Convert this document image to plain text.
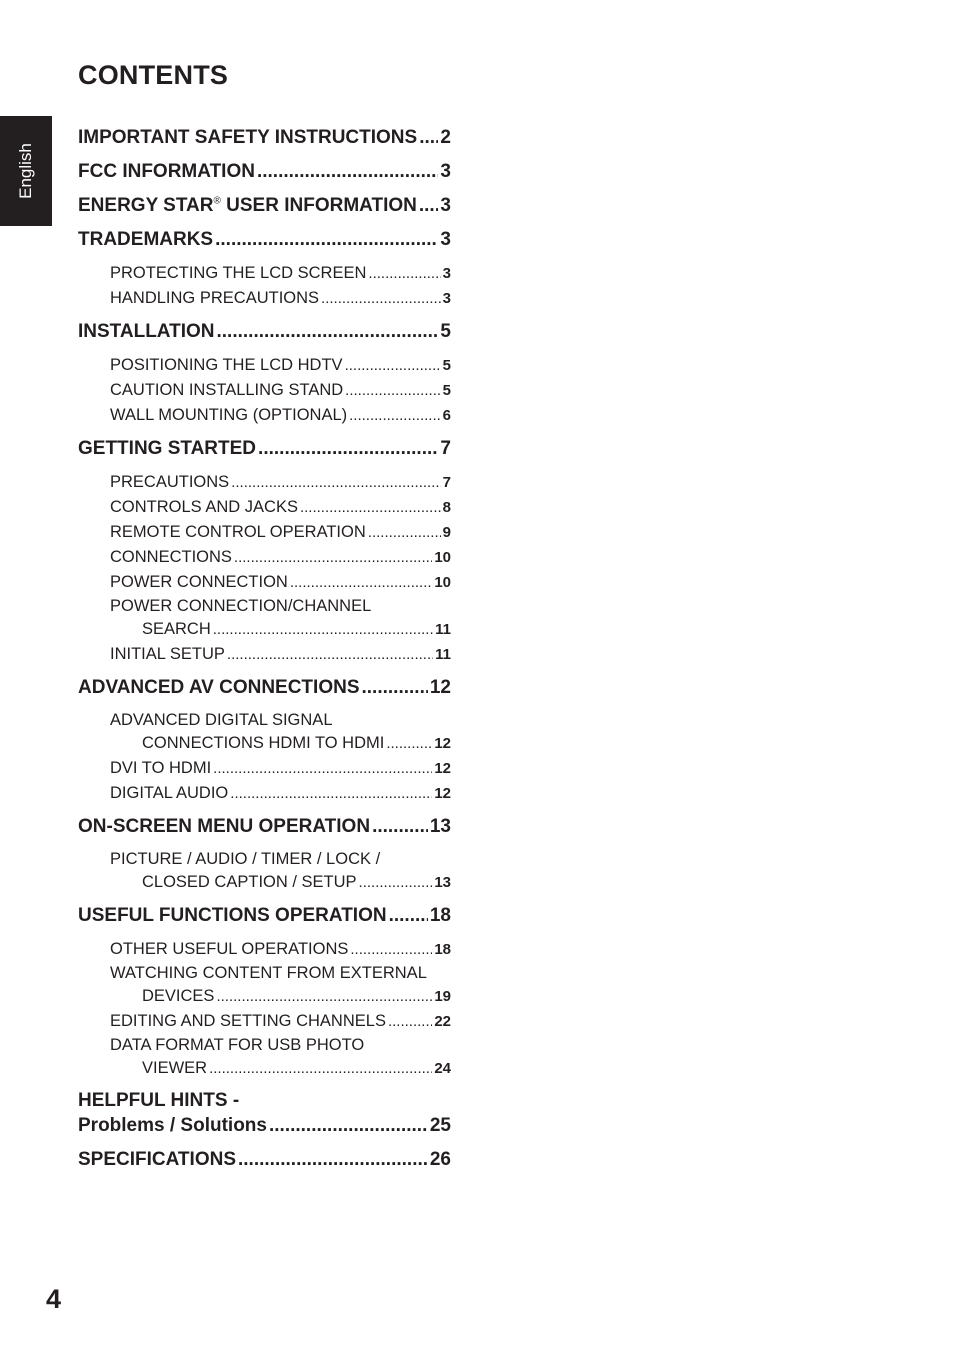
English
CONTENTS
IMPORTANT SAFETY INSTRUCTIONS ..... 2
FCC INFORMATION .....	3
ENERGY STAR® USER INFORMATION ..... 3
TRADEMARKS .....	3
PROTECTING THE LCD SCREEN .....	3
HANDLING PRECAUTIONS .....	3
INSTALLATION .....	5
POSITIONING THE LCD HDTV .....	5
CAUTION INSTALLING STAND .....	5
WALL MOUNTING (OPTIONAL) .....	6
GETTING STARTED .....	7
PRECAUTIONS .....	7
CONTROLS AND JACKS .....	8
REMOTE CONTROL OPERATION .....	9
CONNECTIONS .....	10
POWER CONNECTION .....	10
POWER CONNECTION/CHANNEL
SEARCH .....	11
INITIAL SETUP .....	11
ADVANCED AV CONNECTIONS .....	12
ADVANCED DIGITAL SIGNAL
CONNECTIONS HDMI TO HDMI .....	12
DVI TO HDMI .....	12
DIGITAL AUDIO .....	12
ON-SCREEN MENU OPERATION .....	13
PICTURE / AUDIO / TIMER / LOCK /
CLOSED CAPTION / SETUP .....	13
USEFUL FUNCTIONS OPERATION ..... 18
OTHER USEFUL OPERATIONS .....	18
WATCHING CONTENT FROM EXTERNAL
DEVICES .....	19
EDITING AND SETTING CHANNELS .....	22
DATA FORMAT FOR USB PHOTO
VIEWER .....	24
HELPFUL HINTS -
Problems / Solutions .....	25
SPECIFICATIONS .....	26

4
